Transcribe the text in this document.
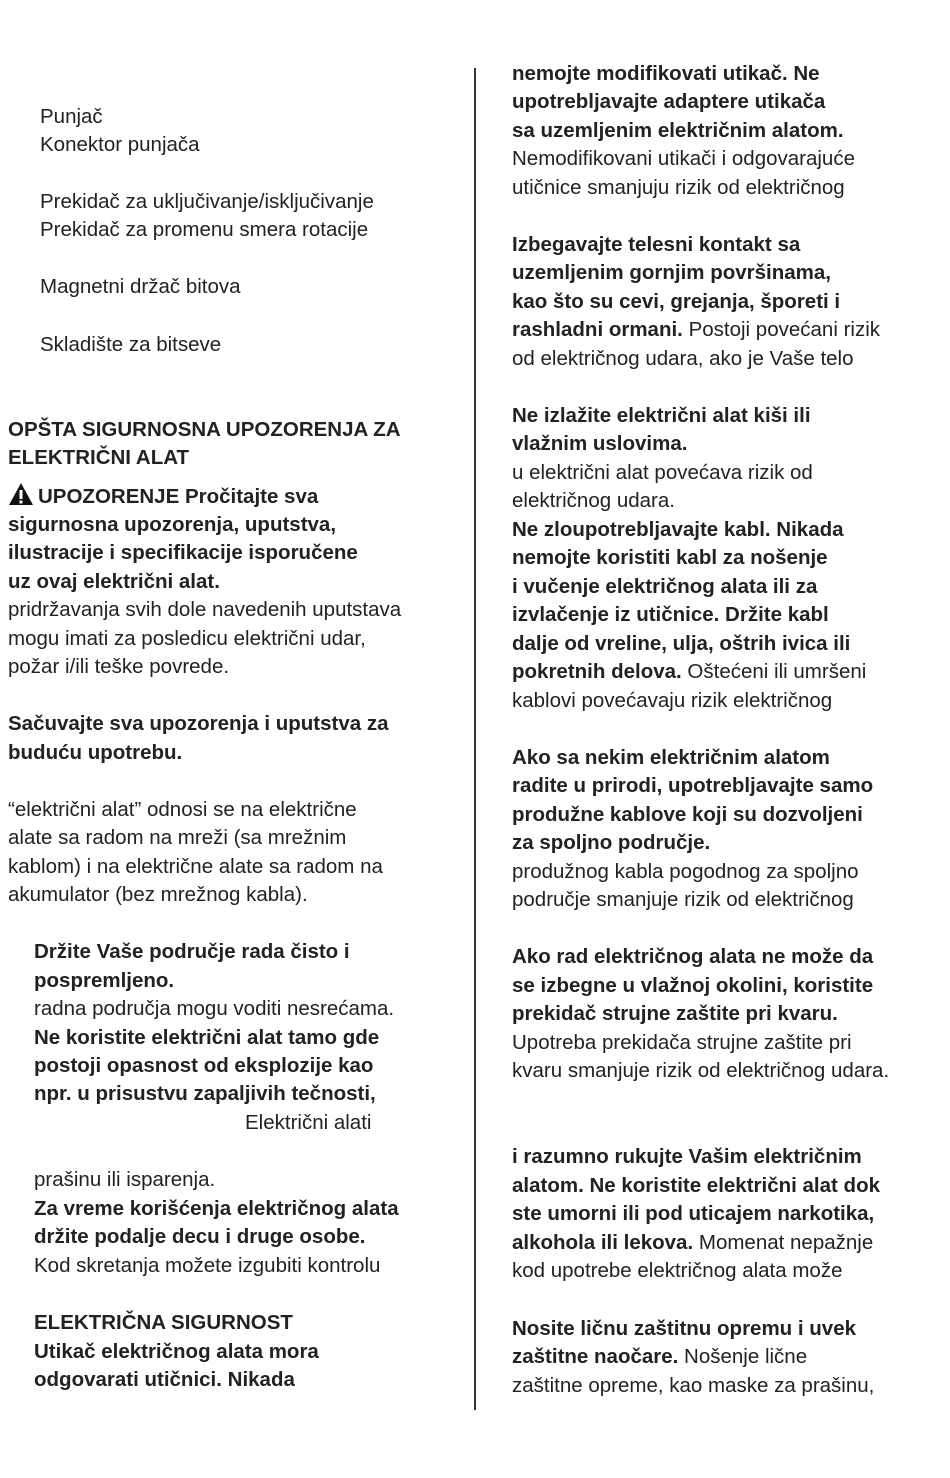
Punjač
Konektor punjača
Prekidač za uključivanje/isključivanje
Prekidač za promenu smera rotacije
Magnetni držač bitova
Skladište za bitseve
OPŠTA SIGURNOSNA UPOZORENJA ZA
ELEKTRIČNI ALAT
UPOZORENJE Pročitajte sva
sigurnosna upozorenja, uputstva,
ilustracije i specifikacije isporučene
uz ovaj električni alat.
pridržavanja svih dole navedenih uputstava
mogu imati za posledicu električni udar,
požar i/ili teške povrede.
Sačuvajte sva upozorenja i uputstva za
buduću upotrebu.
“električni alat” odnosi se na električne
alate sa radom na mreži (sa mrežnim
kablom) i na električne alate sa radom na
akumulator (bez mrežnog kabla).
Držite Vaše područje rada čisto i
pospremljeno.
radna područja mogu voditi nesrećama.
Ne koristite električni alat tamo gde
postoji opasnost od eksplozije kao
npr. u prisustvu zapaljivih tečnosti,
Električni alati
prašinu ili isparenja.
Za vreme korišćenja električnog alata
držite podalje decu i druge osobe.
Kod skretanja možete izgubiti kontrolu
ELEKTRIČNA SIGURNOST
Utikač električnog alata mora
odgovarati utičnici. Nikada
nemojte modifikovati utikač. Ne
upotrebljavajte adaptere utikača
sa uzemljenim električnim alatom.
Nemodifikovani utikači i odgovarajuće
utičnice smanjuju rizik od električnog
Izbegavajte telesni kontakt sa
uzemljenim gornjim površinama,
kao što su cevi, grejanja, šporeti i
rashladni ormani. Postoji povećani rizik
od električnog udara, ako je Vaše telo
Ne izlažite električni alat kiši ili
vlažnim uslovima.
u električni alat povećava rizik od
električnog udara.
Ne zloupotrebljavajte kabl. Nikada
nemojte koristiti kabl za nošenje
i vučenje električnog alata ili za
izvlačenje iz utičnice. Držite kabl
dalje od vreline, ulja, oštrih ivica ili
pokretnih delova. Oštećeni ili umršeni
kablovi povećavaju rizik električnog
Ako sa nekim električnim alatom
radite u prirodi, upotrebljavajte samo
produžne kablove koji su dozvoljeni
za spoljno područje.
produžnog kabla pogodnog za spoljno
područje smanjuje rizik od električnog
Ako rad električnog alata ne može da
se izbegne u vlažnoj okolini, koristite
prekidač strujne zaštite pri kvaru.
Upotreba prekidača strujne zaštite pri
kvaru smanjuje rizik od električnog udara.
i razumno rukujte Vašim električnim
alatom. Ne koristite električni alat dok
ste umorni ili pod uticajem narkotika,
alkohola ili lekova. Momenat nepažnje
kod upotrebe električnog alata može
Nosite ličnu zaštitnu opremu i uvek
zaštitne naočare. Nošenje lične
zaštitne opreme, kao maske za prašinu,
